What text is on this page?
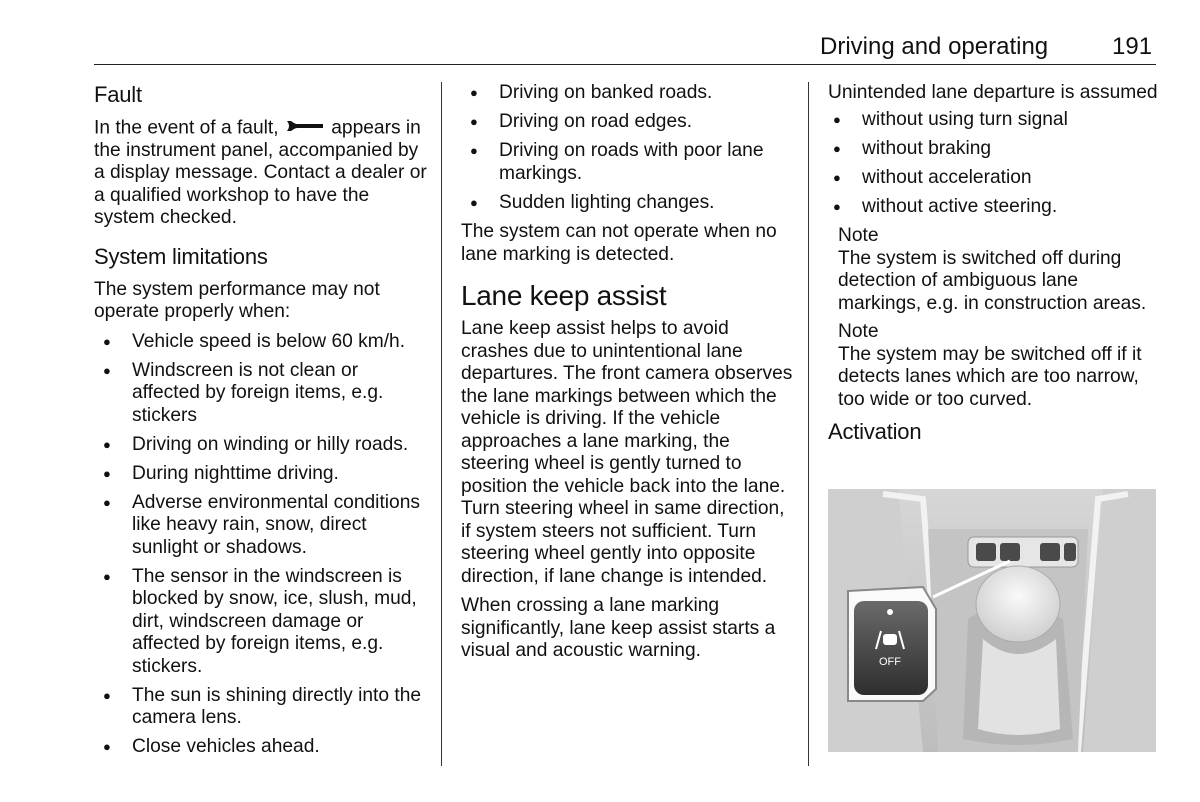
Driving and operating	191
Fault

In the event of a fault,	appears in the instrument panel, accompanied by a display message. Contact a dealer or a qualified workshop to have the system checked.

System limitations

The system performance may not operate properly when:

● Vehicle speed is below 60 km/h.
● Windscreen is not clean or affected by foreign items, e.g. stickers
● Driving on winding or hilly roads.
● During nighttime driving.
● Adverse environmental conditions like heavy rain, snow, direct sunlight or shadows.
● The sensor in the windscreen is blocked by snow, ice, slush, mud, dirt, windscreen damage or affected by foreign items, e.g. stickers.
● The sun is shining directly into the camera lens.
● Close vehicles ahead.
● Driving on banked roads.
● Driving on road edges.
● Driving on roads with poor lane markings.
● Sudden lighting changes.

The system can not operate when no lane marking is detected.

Lane keep assist

Lane keep assist helps to avoid crashes due to unintentional lane departures. The front camera observes the lane markings between which the vehicle is driving. If the vehicle approaches a lane marking, the steering wheel is gently turned to position the vehicle back into the lane. Turn steering wheel in same direction, if system steers not sufficient. Turn steering wheel gently into opposite direction, if lane change is intended.

When crossing a lane marking significantly, lane keep assist starts a visual and acoustic warning.

Unintended lane departure is assumed

● without using turn signal
● without braking
● without acceleration
● without active steering.
Note
The system is switched off during detection of ambiguous lane markings, e.g. in construction areas.
Note
The system may be switched off if it detects lanes which are too narrow, too wide or too curved.
Activation
OFF
